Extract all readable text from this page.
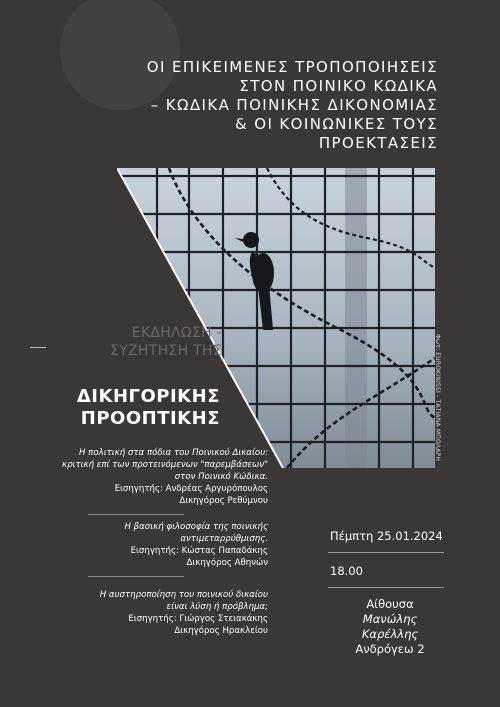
ΟΙ ΕΠΙΚΕΙΜΕΝΕΣ ΤΡΟΠΟΠΟΙΗΣΕΙΣ
ΣΤΟΝ ΠΟΙΝΙΚΟ ΚΩΔΙΚΑ
– ΚΩΔΙΚΑ ΠΟΙΝΙΚΗΣ ΔΙΚΟΝΟΜΙΑΣ
& ΟΙ ΚΟΙΝΩΝΙΚΕΣ ΤΟΥΣ
ΠΡΟΕΚΤΑΣΕΙΣ
Φωτ: EUROKINISSI - ΤΑΤΙΑΝΑ ΜΠΟΛΑΡΗ
ΕΚΔΗΛΩΣΗ -
ΣΥΖΗΤΗΣΗ ΤΗΣ
ΔΙΚΗΓΟΡΙΚΗΣ
ΠΡΟΟΠΤΙΚΗΣ
Η πολιτική στα πόδια του Ποινικού Δικαίου:
κριτική επί των προτεινόμενων "παρεμβάσεων"
στον Ποινικό Κώδικα.
Εισηγητής: Ανδρέας Αργυρόπουλος
Δικηγόρος Ρεθύμνου
Η βασική φιλοσοφία της ποινικής
αντιμεταρρύθμισης.
Εισηγητής: Κώστας Παπαδάκης
Δικηγόρος Αθηνών
Η αυστηροποίηση του ποινικού δικαίου
είναι λύση ή πρόβλημα;
Εισηγητής: Γιώργος Στειακάκης
Δικηγόρος Ηρακλείου
Πέμπτη 25.01.2024
18.00
Αίθουσα
Μανώλης Καρέλλης
Ανδρόγεω 2
